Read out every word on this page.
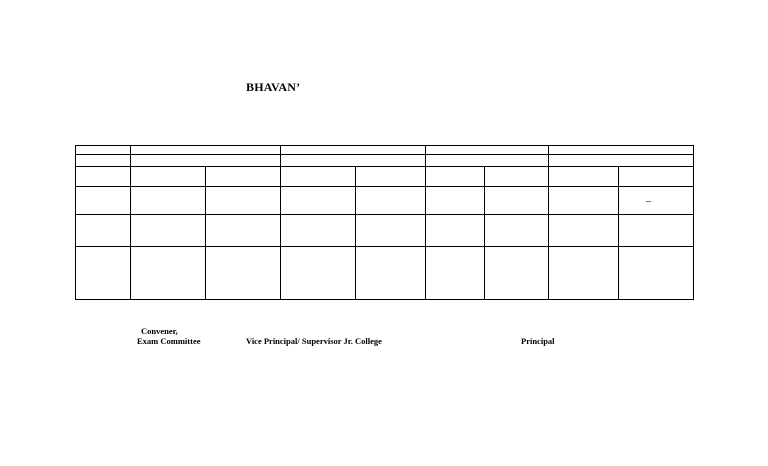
BHAVAN’
–
Convener,
Exam Committee	Vice Principal/ Supervisor Jr. College	Principal
